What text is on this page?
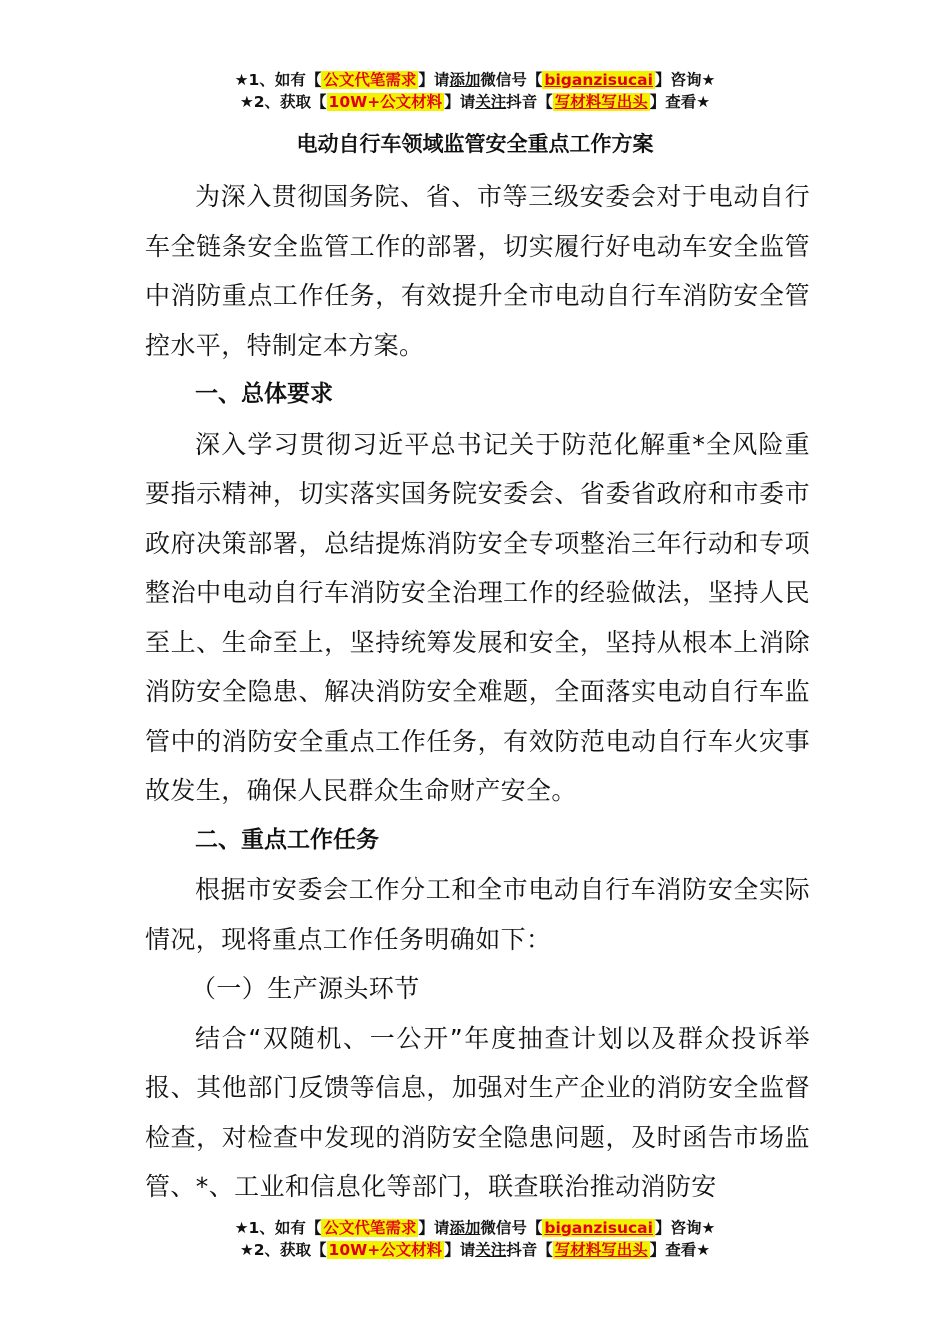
★1、如有【 公文代笔需求 】请添加微信号【 biganzisucai 】咨询★
★2、获取【 10W+公文材料 】请关注抖音【 写材料写出头 】查看★
电动自行车领域监管安全重点工作方案

为深入贯彻国务院、省、市等三级安委会对于电动自行车全链条安全监管工作的部署，切实履行好电动车安全监管中消防重点工作任务，有效提升全市电动自行车消防安全管控水平，特制定本方案。

一、总体要求

深入学习贯彻习近平总书记关于防范化解重*全风险重要指示精神，切实落实国务院安委会、省委省政府和市委市政府决策部署，总结提炼消防安全专项整治三年行动和专项整治中电动自行车消防安全治理工作的经验做法，坚持人民至上、生命至上，坚持统筹发展和安全，坚持从根本上消除消防安全隐患、解决消防安全难题，全面落实电动自行车监管中的消防安全重点工作任务，有效防范电动自行车火灾事故发生，确保人民群众生命财产安全。

二、重点工作任务

根据市安委会工作分工和全市电动自行车消防安全实际情况，现将重点工作任务明确如下：

（一）生产源头环节

结合“双随机、一公开”年度抽查计划以及群众投诉举报、其他部门反馈等信息，加强对生产企业的消防安全监督检查，对检查中发现的消防安全隐患问题，及时函告市场监管、*、工业和信息化等部门，联查联治推动消防安

★1、如有【 公文代笔需求 】请添加微信号【 biganzisucai 】咨询★
★2、获取【 10W+公文材料 】请关注抖音【 写材料写出头 】查看★
